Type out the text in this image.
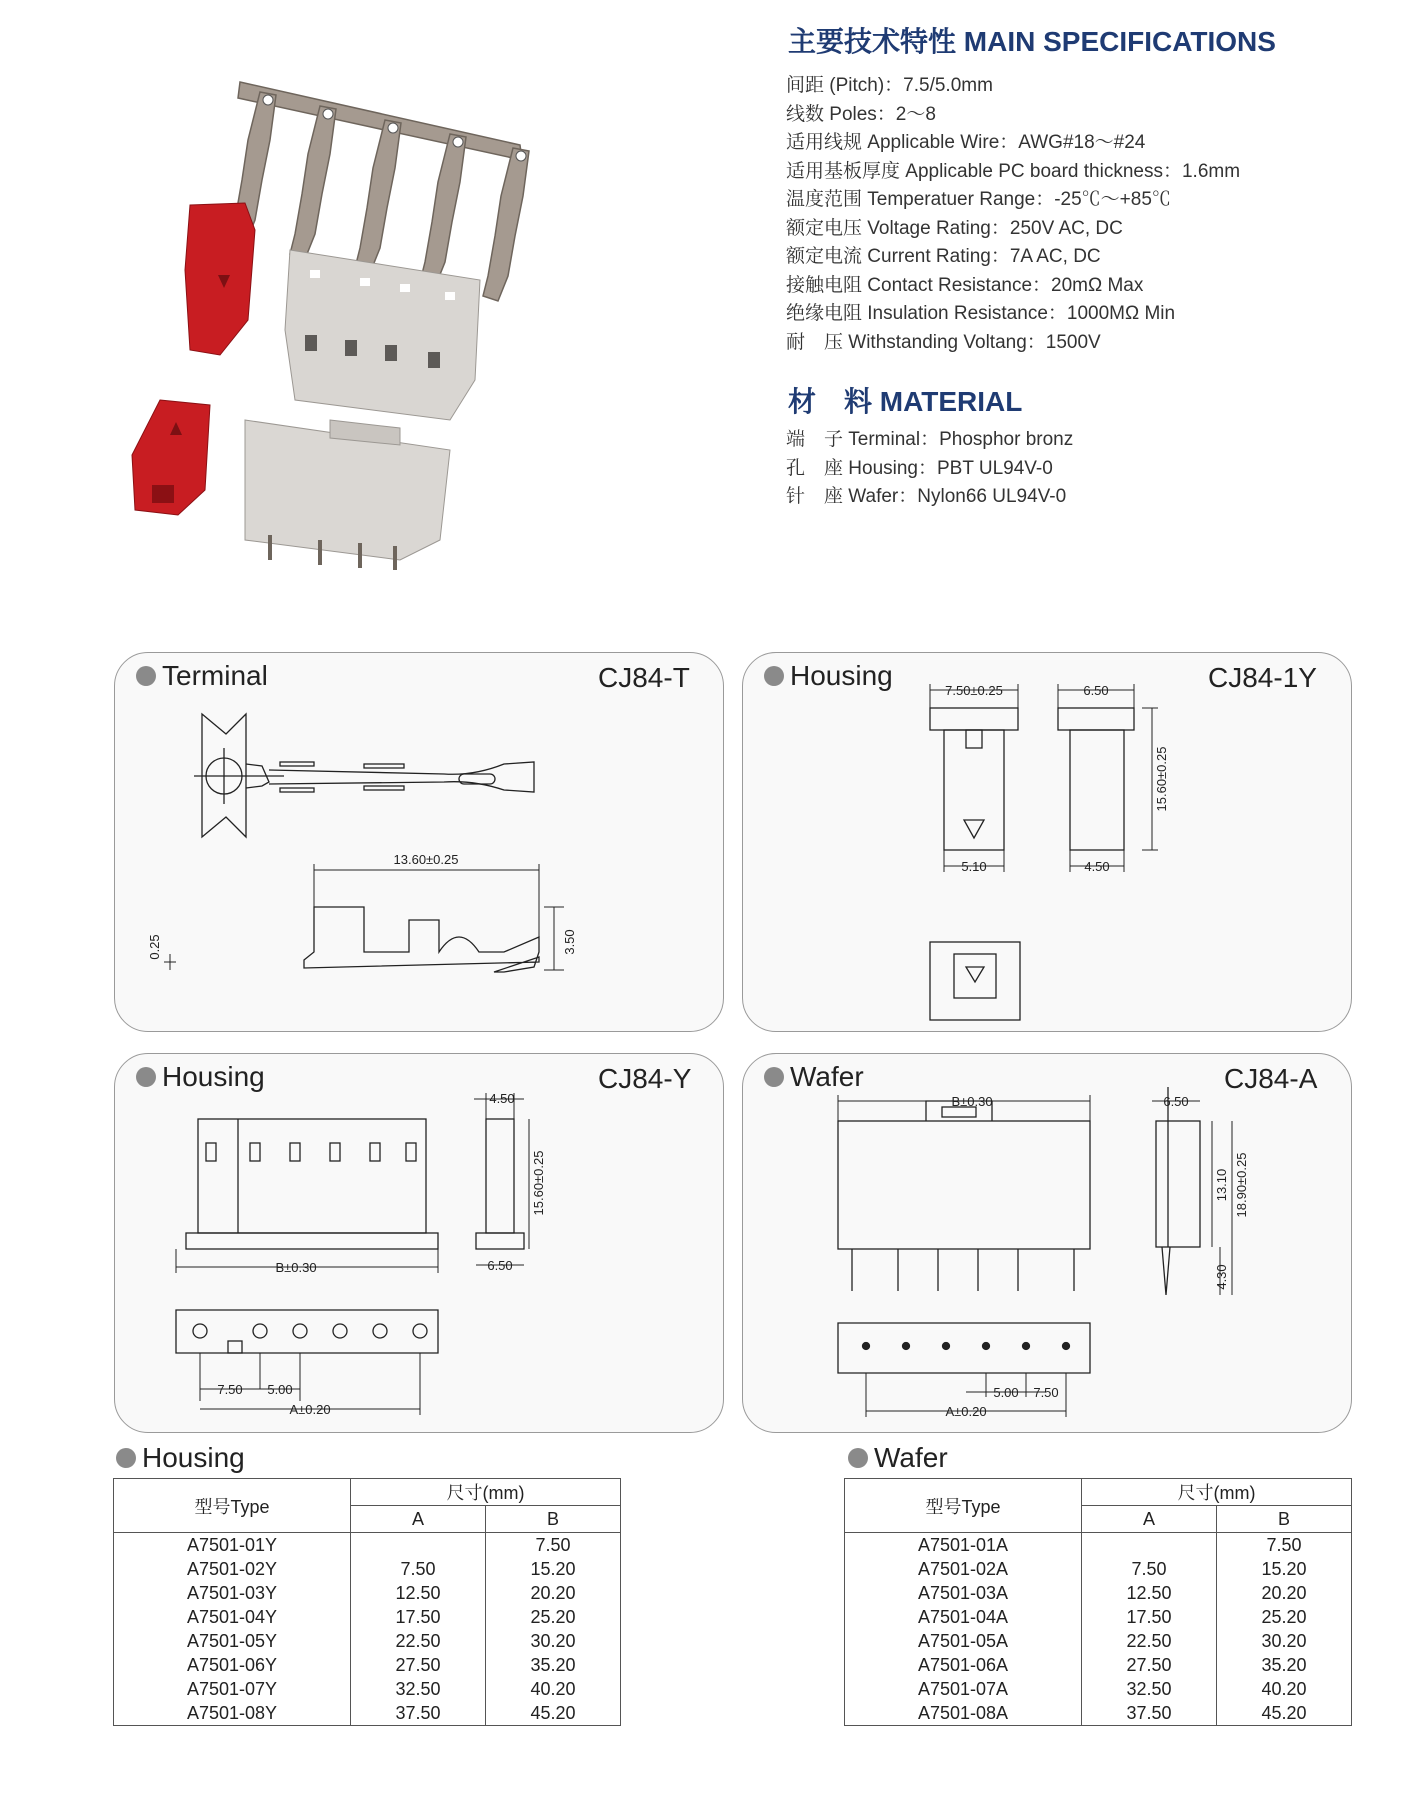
主要技术特性 MAIN SPECIFICATIONS
间距 (Pitch)：7.5/5.0mm
线数 Poles：2～8
适用线规 Applicable Wire：AWG#18～#24
适用基板厚度 Applicable PC board thickness：1.6mm
温度范围 Temperatuer Range：-25℃～+85℃
额定电压 Voltage Rating：250V AC, DC
额定电流 Current Rating：7A AC, DC
接触电阻 Contact Resistance：20mΩ Max
绝缘电阻 Insulation Resistance：1000MΩ Min
耐　压 Withstanding Voltang：1500V
材　料 MATERIAL
端　子 Terminal：Phosphor bronz
孔　座 Housing：PBT UL94V-0
针　座 Wafer：Nylon66 UL94V-0
Terminal	CJ84-T
13.60±0.25
3.50
0.25
Housing	CJ84-1Y
7.50±0.25	6.50
15.60±0.25
5.10	4.50
Housing	CJ84-Y
B±0.30
4.50
15.60±0.25
6.50
7.50 5.00
A±0.20
Wafer	CJ84-A
B±0.30	6.50
13.10 18.90±0.25
4.30
5.00 7.50
A±0.20
Housing
型号Type	尺寸(mm)	
	A	B
A7501-01Y		7.50
A7501-02Y	7.50	15.20
A7501-03Y	12.50	20.20
A7501-04Y	17.50	25.20
A7501-05Y	22.50	30.20
A7501-06Y	27.50	35.20
A7501-07Y	32.50	40.20
A7501-08Y	37.50	45.20
Wafer
型号Type	尺寸(mm)	
	A	B
A7501-01A		7.50
A7501-02A	7.50	15.20
A7501-03A	12.50	20.20
A7501-04A	17.50	25.20
A7501-05A	22.50	30.20
A7501-06A	27.50	35.20
A7501-07A	32.50	40.20
A7501-08A	37.50	45.20
